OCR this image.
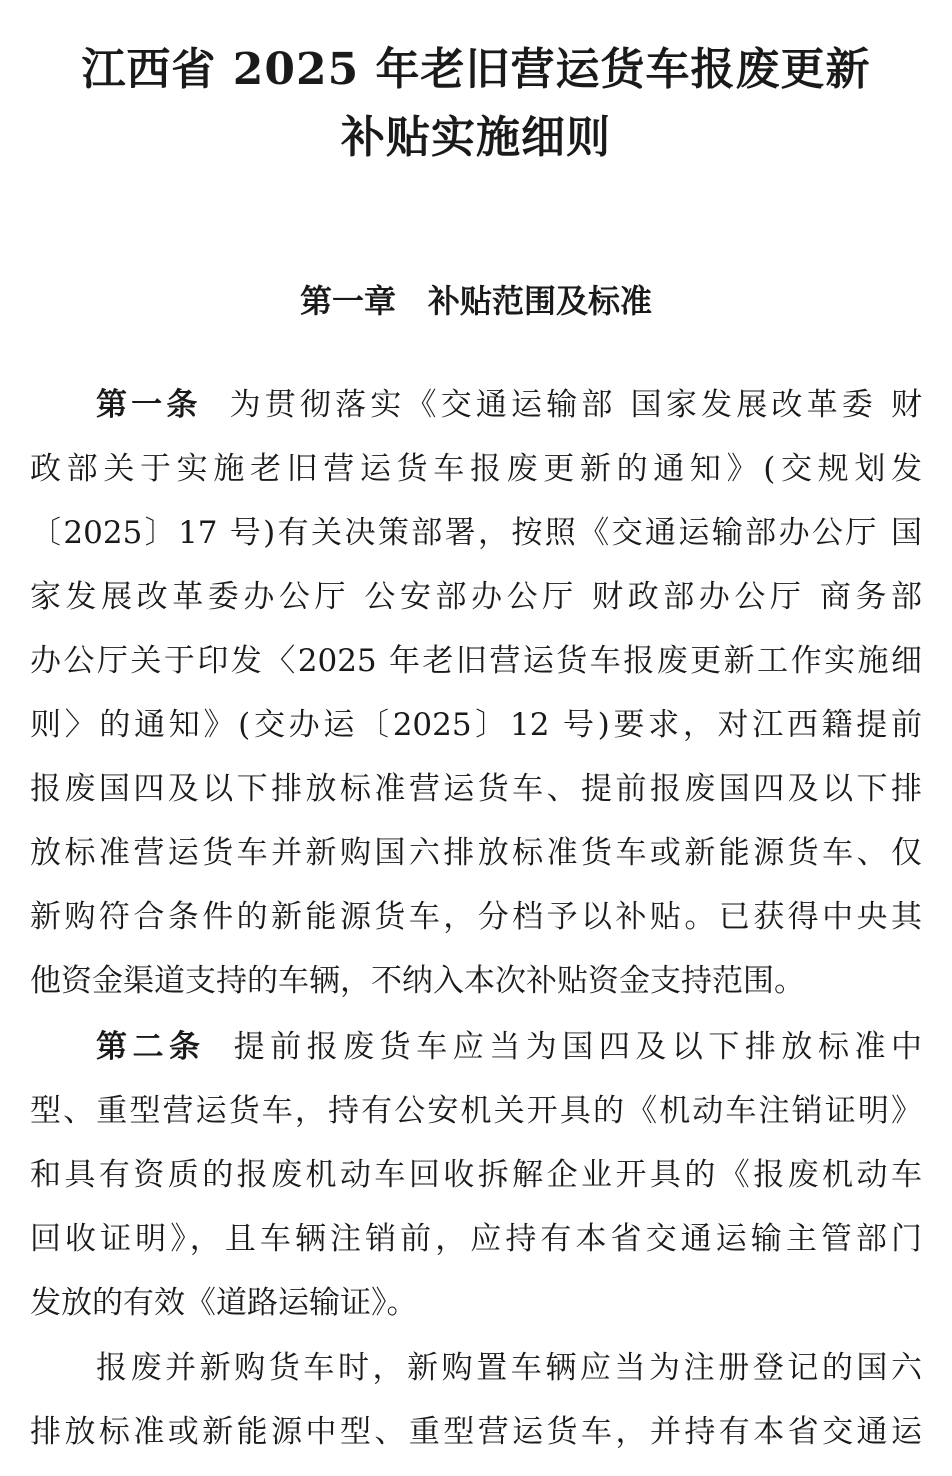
江西省 2025 年老旧营运货车报废更新
补贴实施细则
第一章　补贴范围及标准
第一条 为贯彻落实《交通运输部 国家发展改革委 财
政部关于实施老旧营运货车报废更新的通知》(交规划发
〔2025〕17 号)有关决策部署，按照《交通运输部办公厅 国
家发展改革委办公厅 公安部办公厅 财政部办公厅 商务部
办公厅关于印发〈2025 年老旧营运货车报废更新工作实施细
则〉的通知》(交办运〔2025〕12 号)要求，对江西籍提前
报废国四及以下排放标准营运货车、提前报废国四及以下排
放标准营运货车并新购国六排放标准货车或新能源货车、仅
新购符合条件的新能源货车，分档予以补贴。已获得中央其
他资金渠道支持的车辆，不纳入本次补贴资金支持范围。
第二条 提前报废货车应当为国四及以下排放标准中
型、重型营运货车，持有公安机关开具的《机动车注销证明》
和具有资质的报废机动车回收拆解企业开具的《报废机动车
回收证明》，且车辆注销前，应持有本省交通运输主管部门
发放的有效《道路运输证》。
报废并新购货车时，新购置车辆应当为注册登记的国六
排放标准或新能源中型、重型营运货车，并持有本省交通运
